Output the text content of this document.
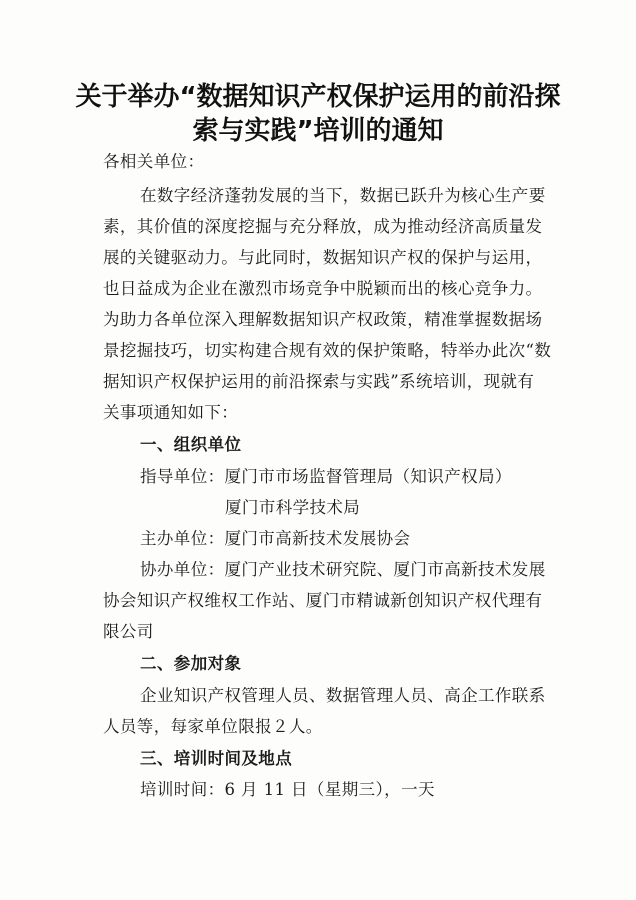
关于举办“数据知识产权保护运用的前沿探
索与实践”培训的通知
各相关单位：
在数字经济蓬勃发展的当下，数据已跃升为核心生产要
素，其价值的深度挖掘与充分释放，成为推动经济高质量发
展的关键驱动力。与此同时，数据知识产权的保护与运用，
也日益成为企业在激烈市场竞争中脱颖而出的核心竞争力。
为助力各单位深入理解数据知识产权政策，精准掌握数据场
景挖掘技巧，切实构建合规有效的保护策略，特举办此次“数
据知识产权保护运用的前沿探索与实践”系统培训，现就有
关事项通知如下：
一、组织单位
指导单位：厦门市市场监督管理局（知识产权局）
厦门市科学技术局
主办单位：厦门市高新技术发展协会
协办单位：厦门产业技术研究院、厦门市高新技术发展
协会知识产权维权工作站、厦门市精诚新创知识产权代理有
限公司
二、参加对象
企业知识产权管理人员、数据管理人员、高企工作联系
人员等，每家单位限报２人。
三、培训时间及地点
培训时间：6 月 11 日（星期三），一天
